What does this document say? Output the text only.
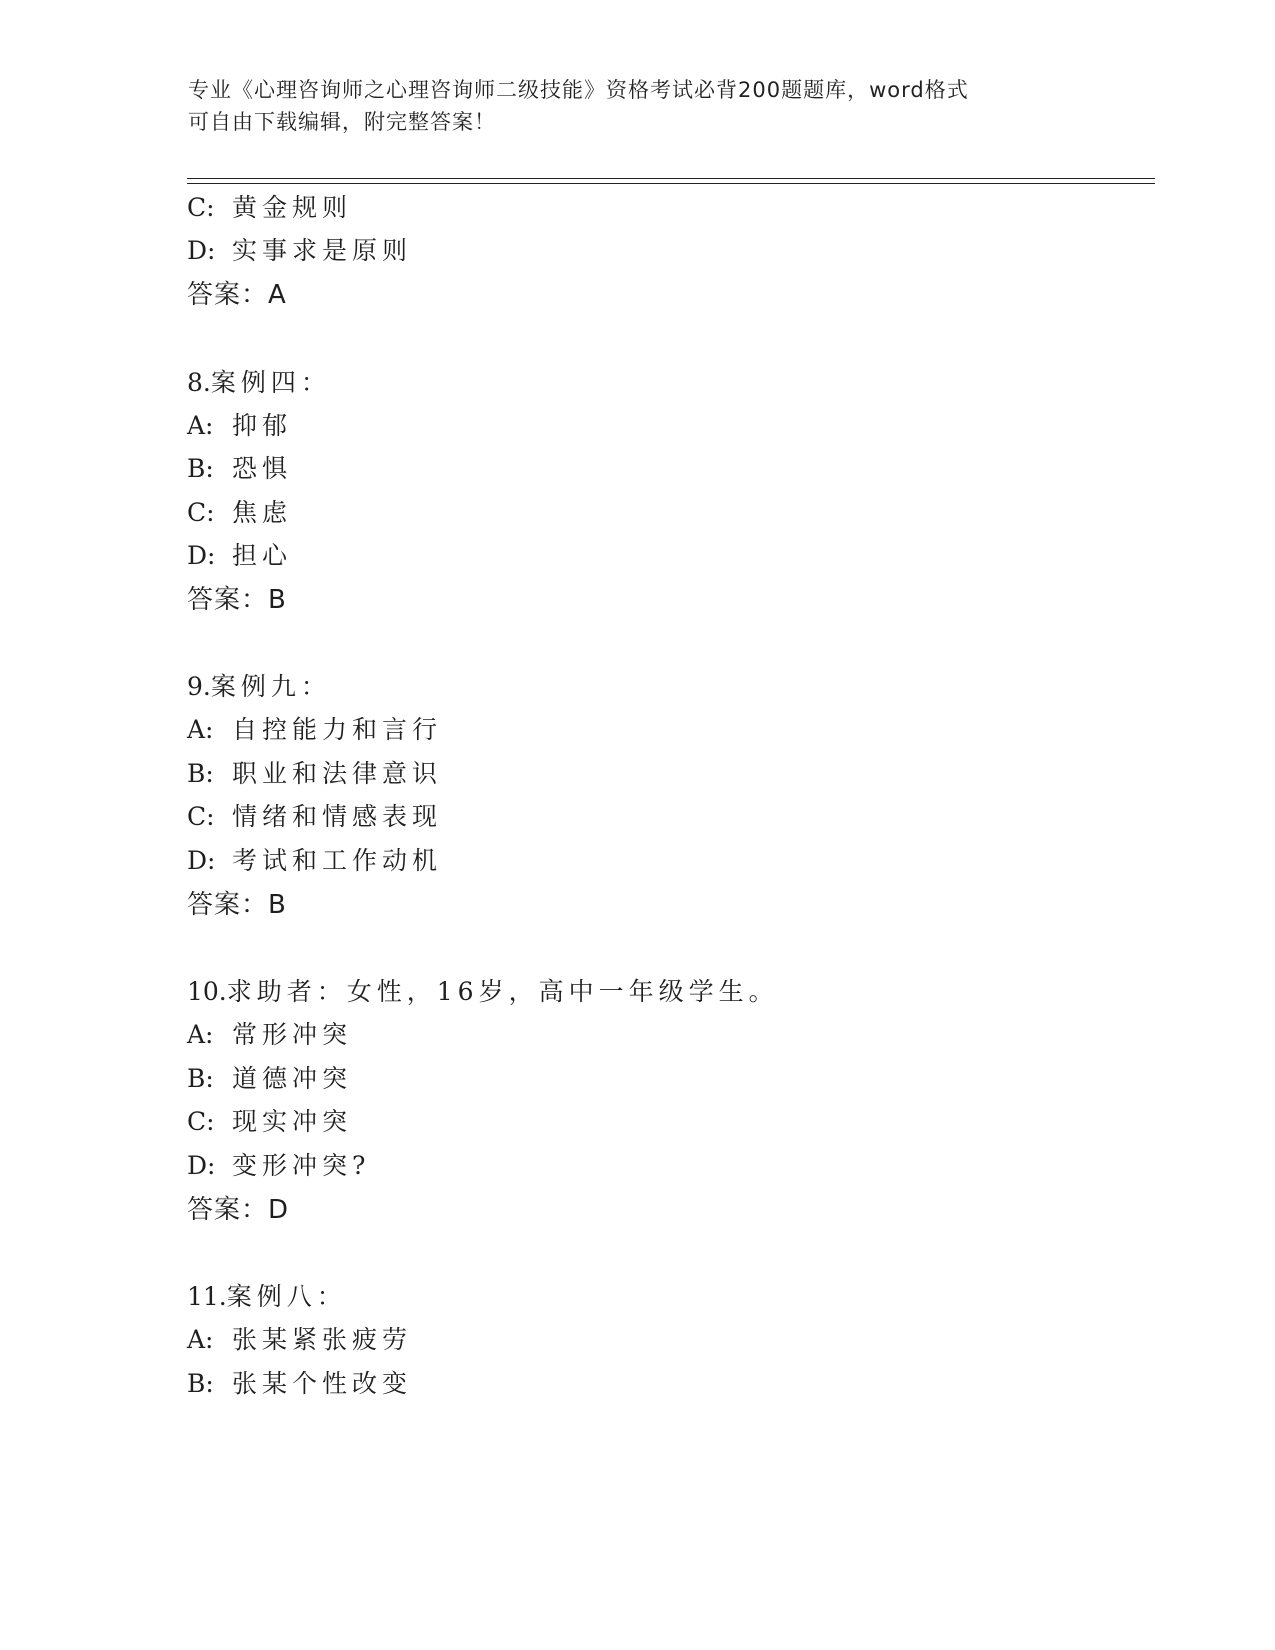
专业《心理咨询师之心理咨询师二级技能》资格考试必背200题题库，word格式
可自由下载编辑，附完整答案！
C: 黄金规则
D: 实事求是原则
答案：A
8.案例四：
A: 抑郁
B: 恐惧
C: 焦虑
D: 担心
答案：B
9.案例九：
A: 自控能力和言行
B: 职业和法律意识
C: 情绪和情感表现
D: 考试和工作动机
答案：B
10.求助者：女性，16岁，高中一年级学生。
A: 常形冲突
B: 道德冲突
C: 现实冲突
D: 变形冲突?
答案：D
11.案例八：
A: 张某紧张疲劳
B: 张某个性改变
